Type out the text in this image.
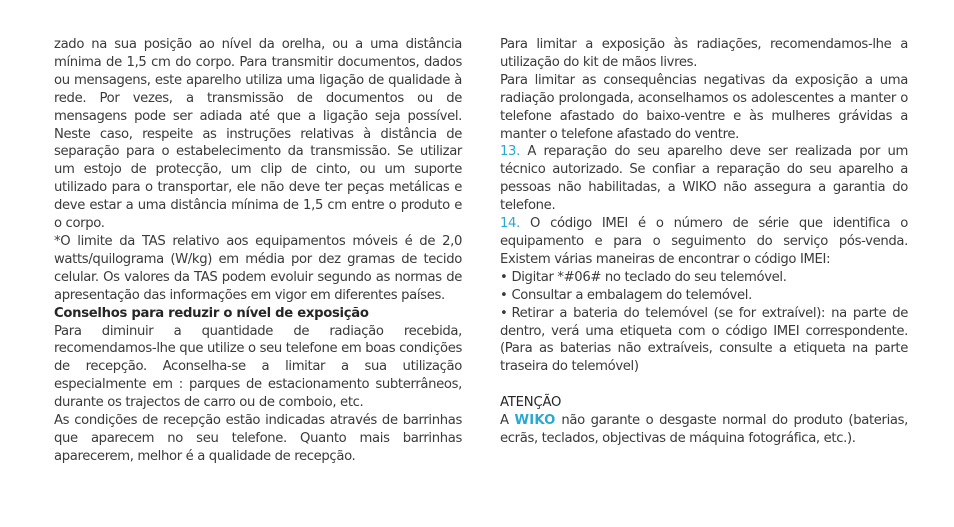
zado na sua posição ao nível da orelha, ou a uma distância mínima de 1,5 cm do corpo. Para transmitir documentos, dados ou mensagens, este aparelho utiliza uma ligação de qualidade à rede. Por vezes, a transmissão de documentos ou de mensagens pode ser adiada até que a ligação seja possível. Neste caso, respeite as instruções relativas à distância de separação para o estabelecimento da transmissão. Se utilizar um estojo de protecção, um clip de cinto, ou um suporte utilizado para o transportar, ele não deve ter peças metálicas e deve estar a uma distância mínima de 1,5 cm entre o produto e o corpo.

*O limite da TAS relativo aos equipamentos móveis é de 2,0 watts/quilograma (W/kg) em média por dez gramas de tecido celular. Os valores da TAS podem evoluir segundo as normas de apresentação das informações em vigor em diferentes países.

Conselhos para reduzir o nível de exposição

Para diminuir a quantidade de radiação recebida, recomendamos-lhe que utilize o seu telefone em boas condições de recepção. Aconselha-se a limitar a sua utilização especialmente em : parques de estacionamento subterrâneos, durante os trajectos de carro ou de comboio, etc.

As condições de recepção estão indicadas através de barrinhas que aparecem no seu telefone. Quanto mais barrinhas aparecerem, melhor é a qualidade de recepção.

Para limitar a exposição às radiações, recomendamos-lhe a utilização do kit de mãos livres.

Para limitar as consequências negativas da exposição a uma radiação prolongada, aconselhamos os adolescentes a manter o telefone afastado do baixo-ventre e às mulheres grávidas a manter o telefone afastado do ventre.

13. A reparação do seu aparelho deve ser realizada por um técnico autorizado. Se confiar a reparação do seu aparelho a pessoas não habilitadas, a WIKO não assegura a garantia do telefone.

14. O código IMEI é o número de série que identifica o equipamento e para o seguimento do serviço pós-venda. Existem várias maneiras de encontrar o código IMEI:

• Digitar *#06# no teclado do seu telemóvel.

• Consultar a embalagem do telemóvel.

• Retirar a bateria do telemóvel (se for extraível): na parte de dentro, verá uma etiqueta com o código IMEI correspondente. (Para as baterias não extraíveis, consulte a etiqueta na parte traseira do telemóvel)

ATENÇÃO

A WIKO não garante o desgaste normal do produto (baterias, ecrãs, teclados, objectivas de máquina fotográfica, etc.).
